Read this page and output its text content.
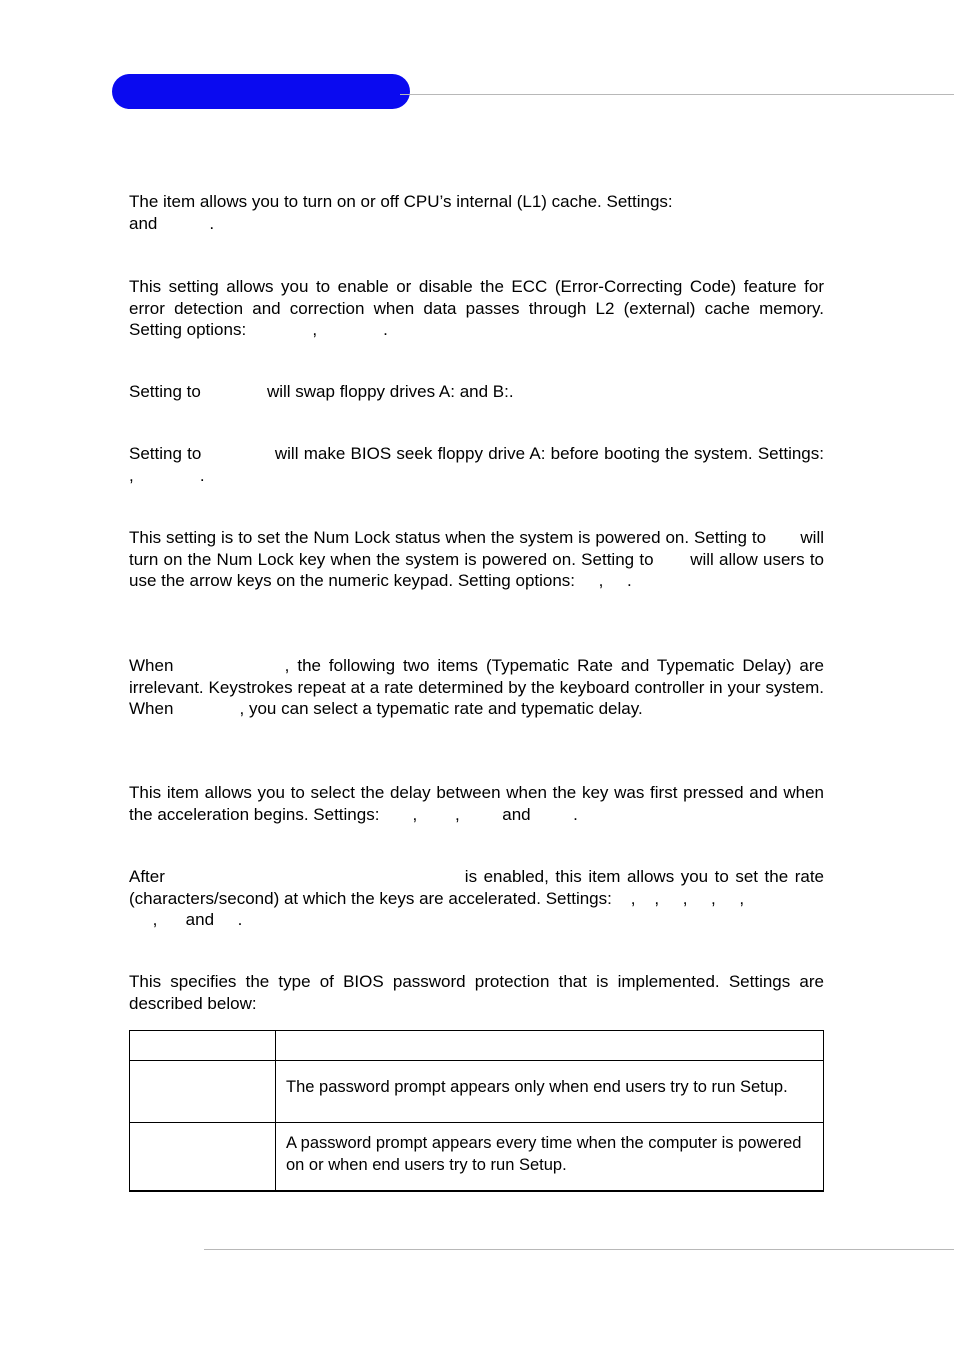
The item allows you to turn on or off CPU’s internal (L1) cache. Settings:
and           .

This setting allows you to enable or disable the ECC (Error-Correcting Code) feature for error detection and correction when data passes through L2 (external) cache memory. Setting options:              ,              .

Setting to              will swap floppy drives A: and B:.

Setting to              will make BIOS seek floppy drive A: before booting the system. Settings:              ,              .

This setting is to set the Num Lock status when the system is powered on. Setting to       will turn on the Num Lock key when the system is powered on. Setting to       will allow users to use the arrow keys on the numeric keypad. Setting options:     ,     .

When              , the following two items (Typematic Rate and Typematic Delay) are irrelevant. Keystrokes repeat at a rate determined by the keyboard controller in your system. When              , you can select a typematic rate and typematic delay.

This item allows you to select the delay between when the key was first pressed and when the acceleration begins. Settings:       ,        ,         and         .

After                                              is enabled, this item allows you to set the rate (characters/second) at which the keys are accelerated. Settings:    ,    ,     ,     ,     ,
,      and     .

This specifies the type of BIOS password protection that is implemented. Settings are described below:

	The password prompt appears only when end users try to run Setup.
	A password prompt appears every time when the computer is powered on or when end users try to run Setup.
